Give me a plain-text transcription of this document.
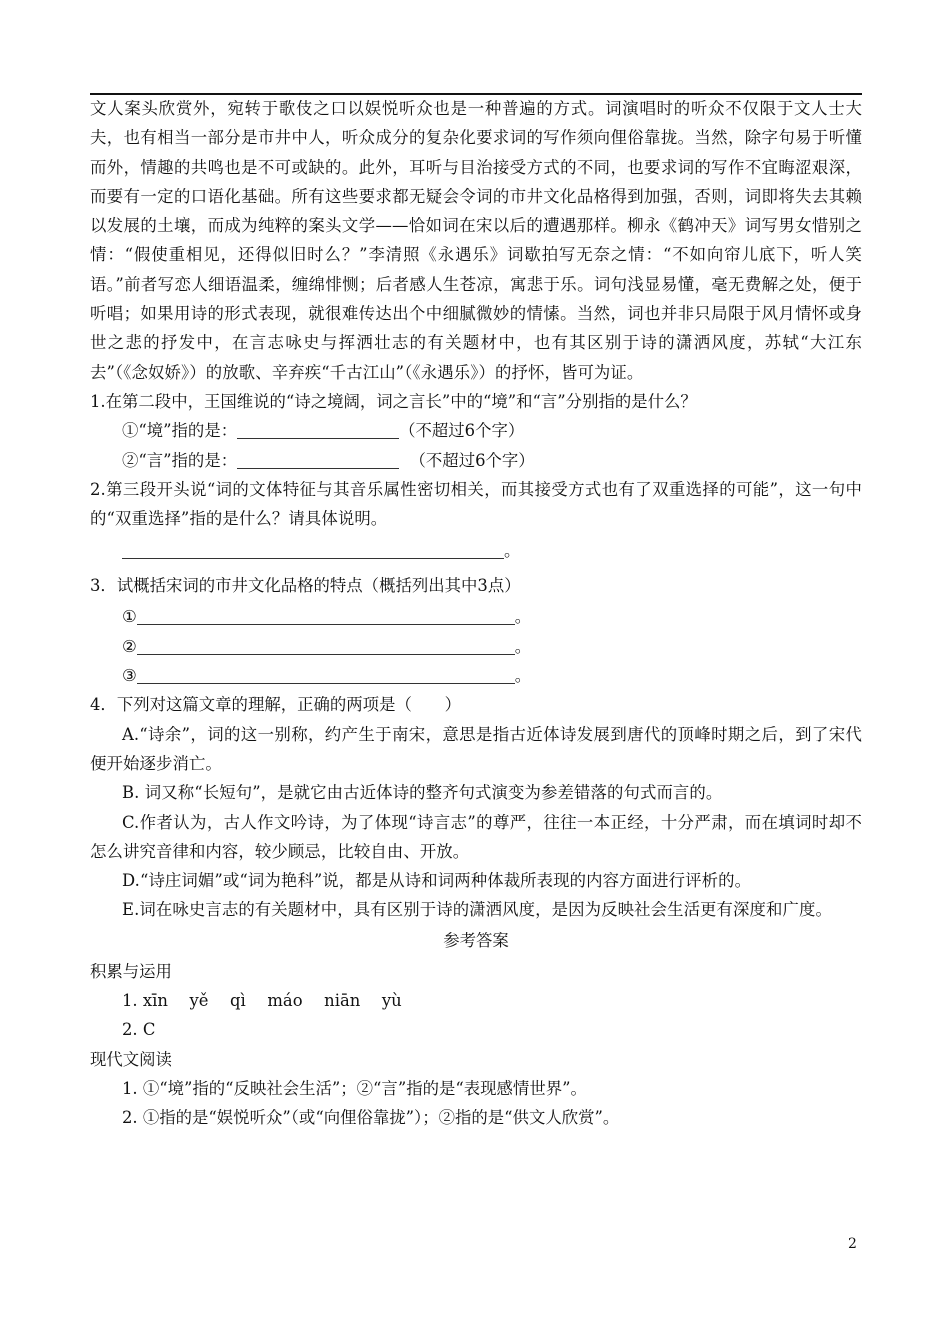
文人案头欣赏外，宛转于歌伎之口以娱悦听众也是一种普遍的方式。词演唱时的听众不仅限于文人士大夫，也有相当一部分是市井中人，听众成分的复杂化要求词的写作须向俚俗靠拢。当然，除字句易于听懂而外，情趣的共鸣也是不可或缺的。此外，耳听与目治接受方式的不同，也要求词的写作不宜晦涩艰深，而要有一定的口语化基础。所有这些要求都无疑会令词的市井文化品格得到加强，否则，词即将失去其赖以发展的土壤，而成为纯粹的案头文学——恰如词在宋以后的遭遇那样。柳永《鹤冲天》词写男女惜别之情：“假使重相见，还得似旧时么？”李清照《永遇乐》词歇拍写无奈之情：“不如向帘儿底下，听人笑语。”前者写恋人细语温柔，缠绵悱恻；后者感人生苍凉，寓悲于乐。词句浅显易懂，毫无费解之处，便于听唱；如果用诗的形式表现，就很难传达出个中细腻微妙的情愫。当然，词也并非只局限于风月情怀或身世之悲的抒发中，在言志咏史与挥洒壮志的有关题材中，也有其区别于诗的潇洒风度，苏轼“大江东去”（《念奴娇》）的放歌、辛弃疾“千古江山”（《永遇乐》）的抒怀，皆可为证。

1.在第二段中，王国维说的“诗之境阔，词之言长”中的“境”和“言”分别指的是什么？

①“境”指的是：	（不超过6个字）

②“言”指的是：	（不超过6个字）

2.第三段开头说“词的文体特征与其音乐属性密切相关，而其接受方式也有了双重选择的可能”，这一句中的“双重选择”指的是什么？请具体说明。

。

3．试概括宋词的市井文化品格的特点（概括列出其中3点）

①	。

②	。

③	。

4．下列对这篇文章的理解，正确的两项是（　　）

A.“诗余”，词的这一别称，约产生于南宋，意思是指古近体诗发展到唐代的顶峰时期之后，到了宋代便开始逐步消亡。

B. 词又称“长短句”，是就它由古近体诗的整齐句式演变为参差错落的句式而言的。

C.作者认为，古人作文吟诗，为了体现“诗言志”的尊严，往往一本正经，十分严肃，而在填词时却不怎么讲究音律和内容，较少顾忌，比较自由、开放。

D.“诗庄词媚”或“词为艳科”说，都是从诗和词两种体裁所表现的内容方面进行评析的。

E.词在咏史言志的有关题材中，具有区别于诗的潇洒风度，是因为反映社会生活更有深度和广度。

参考答案

积累与运用

1. xīn　 yě　 qì　 máo　 niān　 yù

2. C

现代文阅读

1. ①“境”指的“反映社会生活”；②“言”指的是“表现感情世界”。

2. ①指的是“娱悦听众”（或“向俚俗靠拢”）；②指的是“供文人欣赏”。

2
